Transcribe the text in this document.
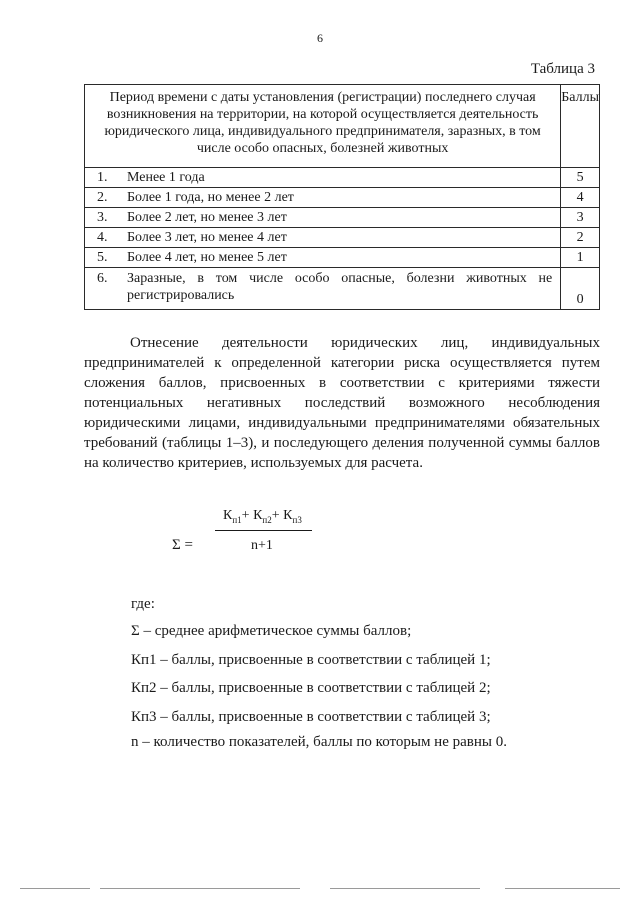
6
Таблица 3
Период времени с даты установления (регистрации) последнего случая возникновения на территории, на которой осуществляется деятельность юридического лица, индивидуального предпринимателя, заразных, в том числе особо опасных, болезней животных		Баллы
1.	Менее 1 года	5
2.	Более 1 года, но менее 2 лет	4
3.	Более 2 лет, но менее 3 лет	3
4.	Более 3 лет, но менее 4 лет	2
5.	Более 4 лет, но менее 5 лет	1
6.	Заразные, в том числе особо опасные, болезни животных не регистрировались	0

Отнесение деятельности юридических лиц, индивидуальных предпринимателей к определенной категории риска осуществляется путем сложения баллов, присвоенных в соответствии с критериями тяжести потенциальных негативных последствий возможного несоблюдения юридическими лицами, индивидуальными предпринимателями обязательных требований (таблицы 1–3), и последующего деления полученной суммы баллов на количество критериев, используемых для расчета.

$К_{п1}+ К_{п2}+ К_{п3}$
Σ =	n+1
где:
Σ – среднее арифметическое суммы баллов;
Кп1 – баллы, присвоенные в соответствии с таблицей 1;
Кп2 – баллы, присвоенные в соответствии с таблицей 2;
Кп3 – баллы, присвоенные в соответствии с таблицей 3;
n – количество показателей, баллы по которым не равны 0.
